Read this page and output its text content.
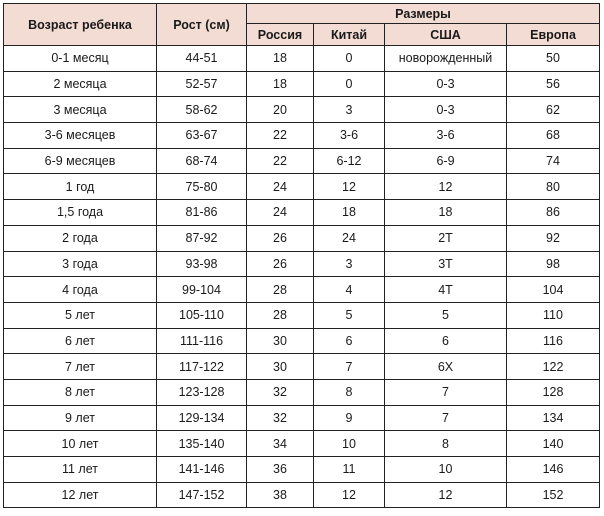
Возраст ребенка	Рост (см)	Размеры			
		Россия	Китай	США	Европа
0-1 месяц	44-51	18	0	новорожденный	50
2 месяца	52-57	18	0	0-3	56
3 месяца	58-62	20	3	0-3	62
3-6 месяцев	63-67	22	3-6	3-6	68
6-9 месяцев	68-74	22	6-12	6-9	74
1 год	75-80	24	12	12	80
1,5 года	81-86	24	18	18	86
2 года	87-92	26	24	2T	92
3 года	93-98	26	3	3T	98
4 года	99-104	28	4	4T	104
5 лет	105-110	28	5	5	110
6 лет	111-116	30	6	6	116
7 лет	117-122	30	7	6X	122
8 лет	123-128	32	8	7	128
9 лет	129-134	32	9	7	134
10 лет	135-140	34	10	8	140
11 лет	141-146	36	11	10	146
12 лет	147-152	38	12	12	152
